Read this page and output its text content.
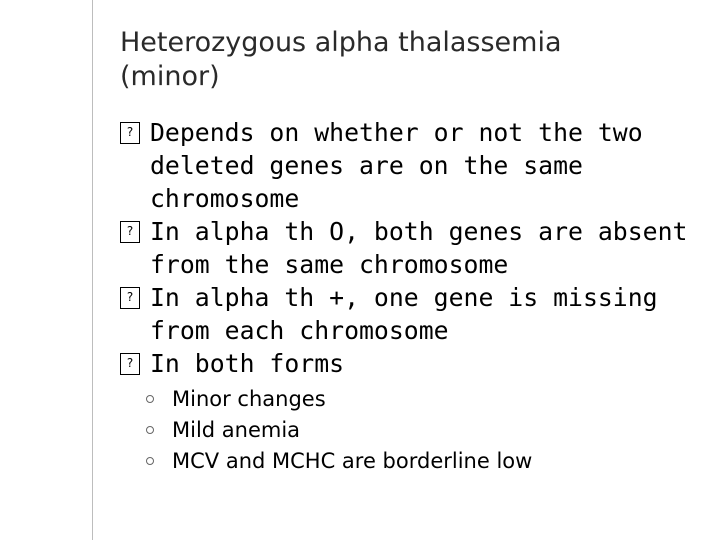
Heterozygous alpha thalassemia
(minor)
?
Depends on whether or not the two deleted genes are on the same chromosome
?
In alpha th O, both genes are absent from the same chromosome
?
In alpha th +, one gene is missing from each chromosome
?
In both forms
Minor changes
Mild anemia
MCV and MCHC are borderline low
